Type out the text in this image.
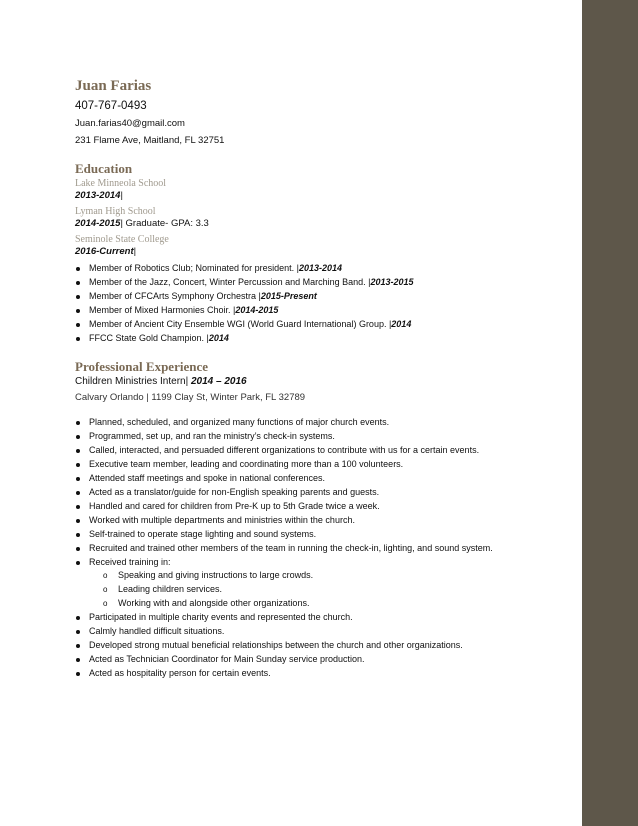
Juan Farias
407-767-0493
Juan.farias40@gmail.com
231 Flame Ave, Maitland, FL 32751
Education
Lake Minneola School
2013-2014|
Lyman High School
2014-2015| Graduate- GPA: 3.3
Seminole State College
2016-Current|
Member of Robotics Club; Nominated for president. |2013-2014
Member of the Jazz, Concert, Winter Percussion and Marching Band. |2013-2015
Member of CFCArts Symphony Orchestra |2015-Present
Member of Mixed Harmonies Choir. |2014-2015
Member of Ancient City Ensemble WGI (World Guard International) Group. |2014
FFCC State Gold Champion. |2014
Professional Experience
Children Ministries Intern| 2014 – 2016
Calvary Orlando | 1199 Clay St, Winter Park, FL 32789
Planned, scheduled, and organized many functions of major church events.
Programmed, set up, and ran the ministry’s check-in systems.
Called, interacted, and persuaded different organizations to contribute with us for a certain events.
Executive team member, leading and coordinating more than a 100 volunteers.
Attended staff meetings and spoke in national conferences.
Acted as a translator/guide for non-English speaking parents and guests.
Handled and cared for children from Pre-K up to 5th Grade twice a week.
Worked with multiple departments and ministries within the church.
Self-trained to operate stage lighting and sound systems.
Recruited and trained other members of the team in running the check-in, lighting, and sound system.
Received training in:
o Speaking and giving instructions to large crowds.
o Leading children services.
o Working with and alongside other organizations.
Participated in multiple charity events and represented the church.
Calmly handled difficult situations.
Developed strong mutual beneficial relationships between the church and other organizations.
Acted as Technician Coordinator for Main Sunday service production.
Acted as hospitality person for certain events.
